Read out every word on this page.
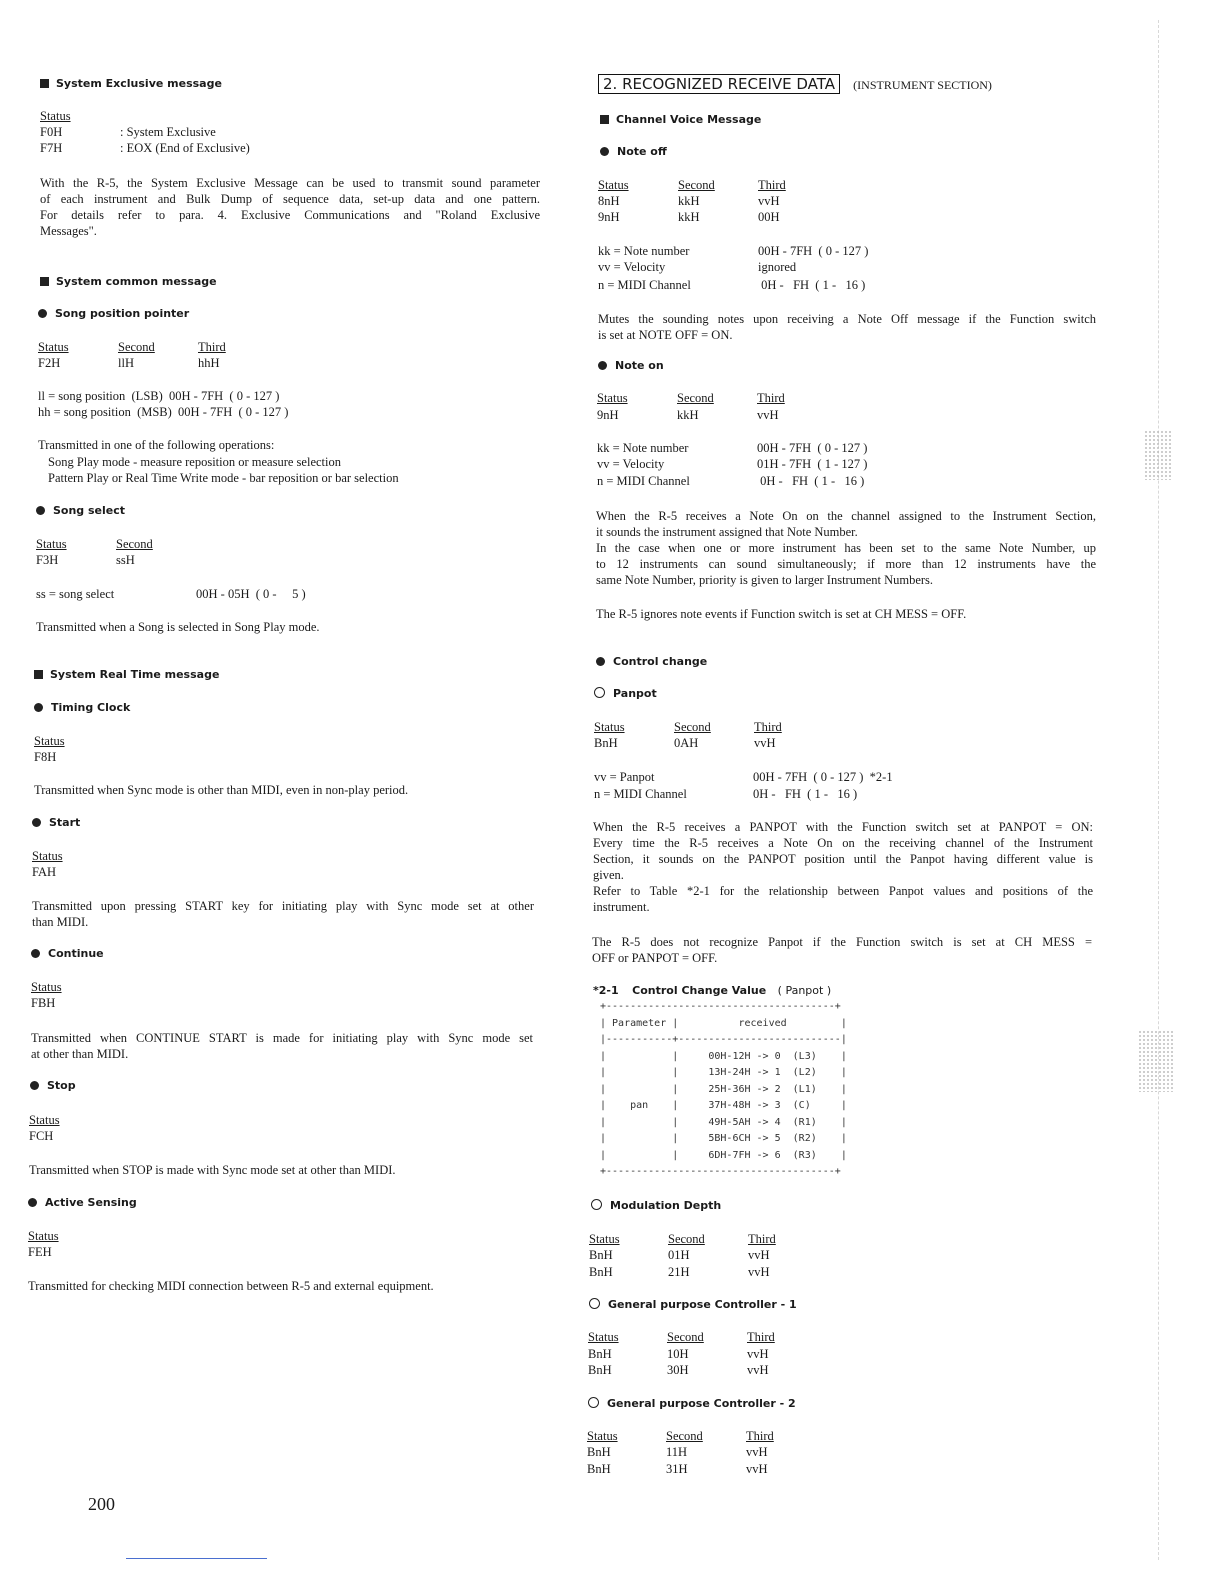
System Exclusive message
Status
F0H	: System Exclusive
F7H	: EOX (End of Exclusive)
With the R-5, the System Exclusive Message can be used to transmit sound parameter
of each instrument and Bulk Dump of sequence data, set-up data and one pattern.
For details refer to para. 4. Exclusive Communications and "Roland Exclusive
Messages".
System common message
Song position pointer
Status	Second	Third
F2H	llH	hhH
ll = song position  (LSB)  00H - 7FH  ( 0 - 127 )
hh = song position  (MSB)  00H - 7FH  ( 0 - 127 )
Transmitted in one of the following operations:
Song Play mode - measure reposition or measure selection
Pattern Play or Real Time Write mode - bar reposition or bar selection
Song select
Status	Second
F3H	ssH
ss = song select	00H - 05H  ( 0 -     5 )
Transmitted when a Song is selected in Song Play mode.
System Real Time message
Timing Clock
Status
F8H
Transmitted when Sync mode is other than MIDI, even in non-play period.
Start
Status
FAH
Transmitted upon pressing START key for initiating play with Sync mode set at other
than MIDI.
Continue
Status
FBH
Transmitted when CONTINUE START is made for initiating play with Sync mode set
at other than MIDI.
Stop
Status
FCH
Transmitted when STOP is made with Sync mode set at other than MIDI.
Active Sensing
Status
FEH
Transmitted for checking MIDI connection between R-5 and external equipment.
200
2. RECOGNIZED RECEIVE DATA (INSTRUMENT SECTION)
Channel Voice Message
Note off
Status	Second	Third
8nH	kkH	vvH
9nH	kkH	00H
kk = Note number	00H - 7FH  ( 0 - 127 )
vv = Velocity	ignored
n = MIDI Channel	0H -   FH  ( 1 -   16 )
Mutes the sounding notes upon receiving a Note Off message if the Function switch
is set at NOTE OFF = ON.
Note on
Status	Second	Third
9nH	kkH	vvH
kk = Note number	00H - 7FH  ( 0 - 127 )
vv = Velocity	01H - 7FH  ( 1 - 127 )
n = MIDI Channel	0H -   FH  ( 1 -   16 )
When the R-5 receives a Note On on the channel assigned to the Instrument Section,
it sounds the instrument assigned that Note Number.
In the case when one or more instrument has been set to the same Note Number, up
to 12 instruments can sound simultaneously; if more than 12 instruments have the
same Note Number, priority is given to larger Instrument Numbers.
The R-5 ignores note events if Function switch is set at CH MESS = OFF.
Control change
Panpot
Status	Second	Third
BnH	0AH	vvH
vv = Panpot	00H - 7FH  ( 0 - 127 )  *2-1
n = MIDI Channel	0H -   FH  ( 1 -   16 )
When the R-5 receives a PANPOT with the Function switch set at PANPOT = ON:
Every time the R-5 receives a Note On on the receiving channel of the Instrument
Section, it sounds on the PANPOT position until the Panpot having different value is
given.
Refer to Table *2-1 for the relationship between Panpot values and positions of the
instrument.
The R-5 does not recognize Panpot if the Function switch is set at CH MESS =
OFF or PANPOT = OFF.
*2-1 Control Change Value ( Panpot )
+--------------------------------------+
| Parameter |          received         |
|-----------+---------------------------|
|           |     00H-12H -> 0  (L3)    |
|           |     13H-24H -> 1  (L2)    |
|           |     25H-36H -> 2  (L1)    |
|    pan    |     37H-48H -> 3  (C)     |
|           |     49H-5AH -> 4  (R1)    |
|           |     5BH-6CH -> 5  (R2)    |
|           |     6DH-7FH -> 6  (R3)    |
+--------------------------------------+
Modulation Depth
Status	Second	Third
BnH	01H	vvH
BnH	21H	vvH
General purpose Controller - 1
Status	Second	Third
BnH	10H	vvH
BnH	30H	vvH
General purpose Controller - 2
Status	Second	Third
BnH	11H	vvH
BnH	31H	vvH
